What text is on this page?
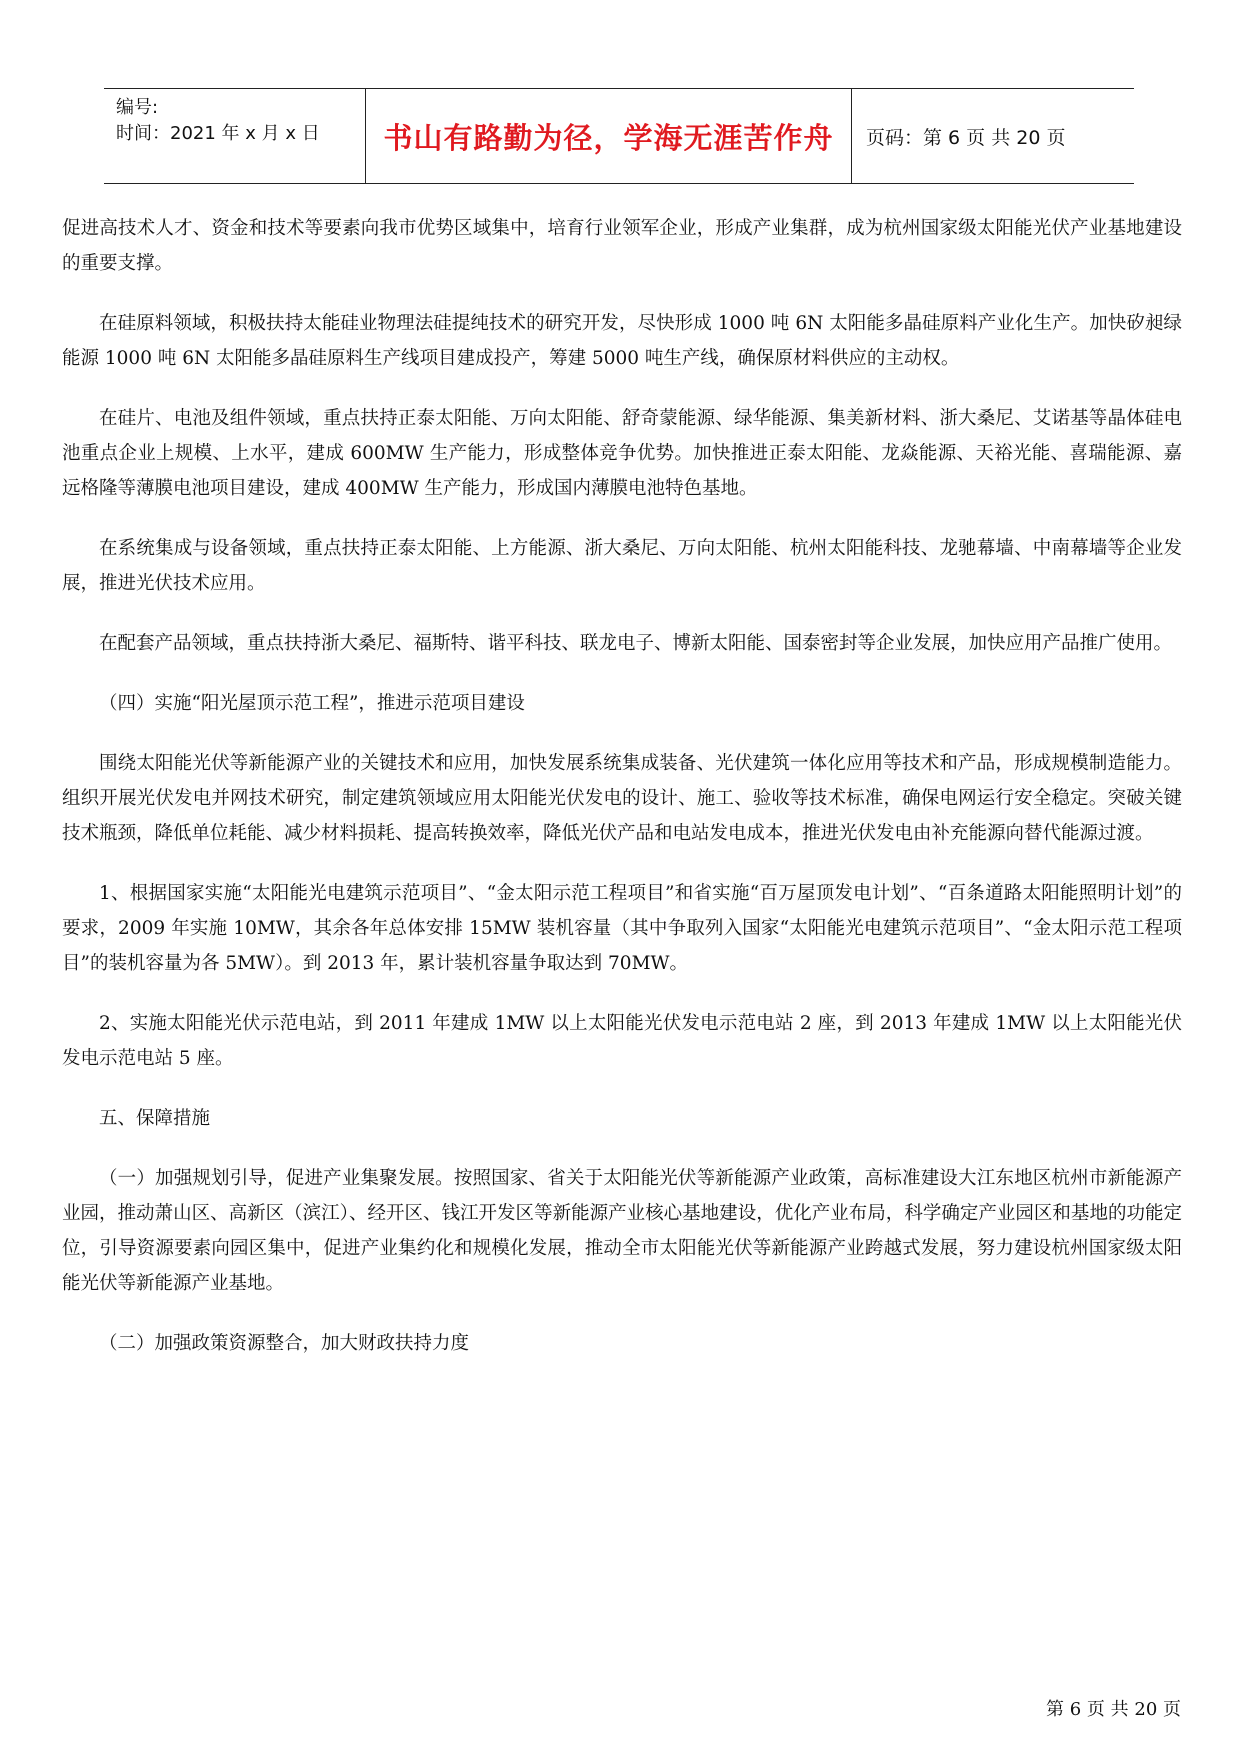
编号:
时间：2021 年 x 月 x 日	书山有路勤为径，学海无涯苦作舟	页码：第 6 页 共 20 页

促进高技术人才、资金和技术等要素向我市优势区域集中，培育行业领军企业，形成产业集群，成为杭州国家级太阳能光伏产业基地建设的重要支撑。

在硅原料领域，积极扶持太能硅业物理法硅提纯技术的研究开发，尽快形成 1000 吨 6N 太阳能多晶硅原料产业化生产。加快矽昶绿能源 1000 吨 6N 太阳能多晶硅原料生产线项目建成投产，筹建 5000 吨生产线，确保原材料供应的主动权。

在硅片、电池及组件领域，重点扶持正泰太阳能、万向太阳能、舒奇蒙能源、绿华能源、集美新材料、浙大桑尼、艾诺基等晶体硅电池重点企业上规模、上水平，建成 600MW 生产能力，形成整体竞争优势。加快推进正泰太阳能、龙焱能源、天裕光能、喜瑞能源、嘉远格隆等薄膜电池项目建设，建成 400MW 生产能力，形成国内薄膜电池特色基地。

在系统集成与设备领域，重点扶持正泰太阳能、上方能源、浙大桑尼、万向太阳能、杭州太阳能科技、龙驰幕墙、中南幕墙等企业发展，推进光伏技术应用。

在配套产品领域，重点扶持浙大桑尼、福斯特、谐平科技、联龙电子、博新太阳能、国泰密封等企业发展，加快应用产品推广使用。

（四）实施“阳光屋顶示范工程”，推进示范项目建设

围绕太阳能光伏等新能源产业的关键技术和应用，加快发展系统集成装备、光伏建筑一体化应用等技术和产品，形成规模制造能力。组织开展光伏发电并网技术研究，制定建筑领域应用太阳能光伏发电的设计、施工、验收等技术标准，确保电网运行安全稳定。突破关键技术瓶颈，降低单位耗能、减少材料损耗、提高转换效率，降低光伏产品和电站发电成本，推进光伏发电由补充能源向替代能源过渡。

1、根据国家实施“太阳能光电建筑示范项目”、“金太阳示范工程项目”和省实施“百万屋顶发电计划”、“百条道路太阳能照明计划”的要求，2009 年实施 10MW，其余各年总体安排 15MW 装机容量（其中争取列入国家“太阳能光电建筑示范项目”、“金太阳示范工程项目”的装机容量为各 5MW）。到 2013 年，累计装机容量争取达到 70MW。

2、实施太阳能光伏示范电站，到 2011 年建成 1MW 以上太阳能光伏发电示范电站 2 座，到 2013 年建成 1MW 以上太阳能光伏发电示范电站 5 座。

五、保障措施

（一）加强规划引导，促进产业集聚发展。按照国家、省关于太阳能光伏等新能源产业政策，高标准建设大江东地区杭州市新能源产业园，推动萧山区、高新区（滨江）、经开区、钱江开发区等新能源产业核心基地建设，优化产业布局，科学确定产业园区和基地的功能定位，引导资源要素向园区集中，促进产业集约化和规模化发展，推动全市太阳能光伏等新能源产业跨越式发展，努力建设杭州国家级太阳能光伏等新能源产业基地。

（二）加强政策资源整合，加大财政扶持力度

第 6 页 共 20 页
